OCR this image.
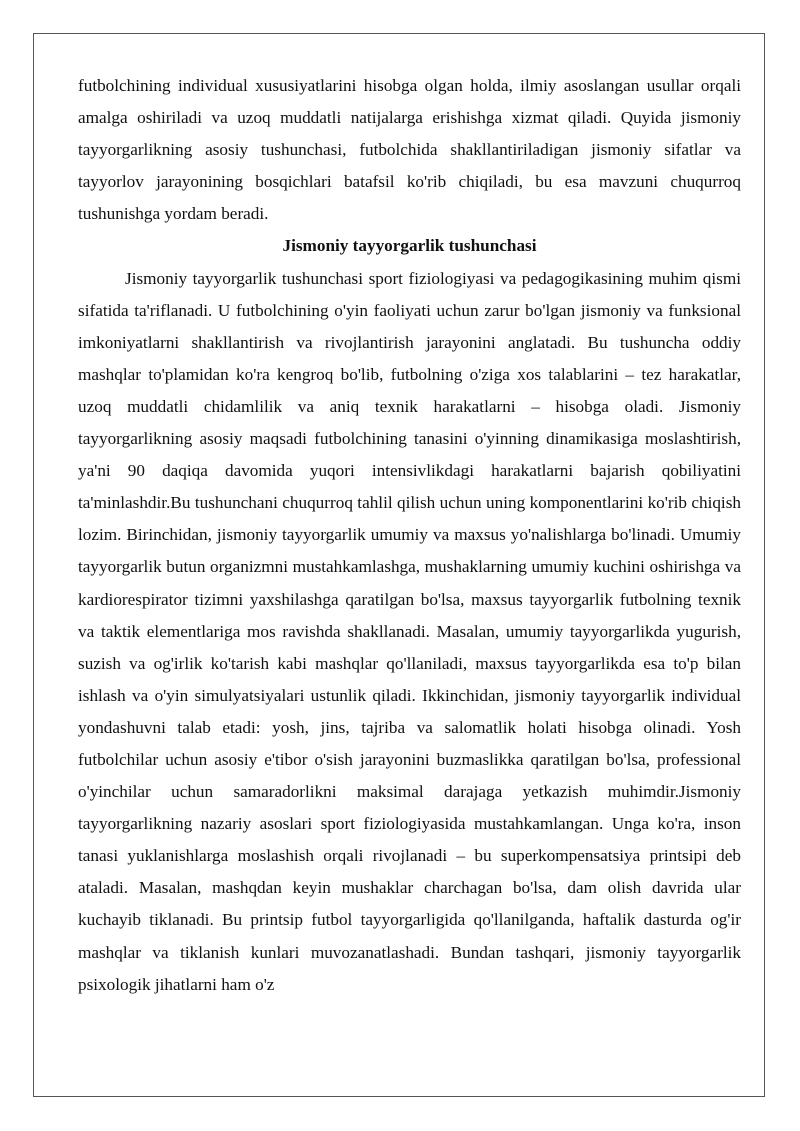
futbolchining individual xususiyatlarini hisobga olgan holda, ilmiy asoslangan usullar orqali amalga oshiriladi va uzoq muddatli natijalarga erishishga xizmat qiladi. Quyida jismoniy tayyorgarlikning asosiy tushunchasi, futbolchida shakllantiriladigan jismoniy sifatlar va tayyorlov jarayonining bosqichlari batafsil ko'rib chiqiladi, bu esa mavzuni chuqurroq tushunishga yordam beradi.

Jismoniy tayyorgarlik tushunchasi

Jismoniy tayyorgarlik tushunchasi sport fiziologiyasi va pedagogikasining muhim qismi sifatida ta'riflanadi. U futbolchining o'yin faoliyati uchun zarur bo'lgan jismoniy va funksional imkoniyatlarni shakllantirish va rivojlantirish jarayonini anglatadi. Bu tushuncha oddiy mashqlar to'plamidan ko'ra kengroq bo'lib, futbolning o'ziga xos talablarini – tez harakatlar, uzoq muddatli chidamlilik va aniq texnik harakatlarni – hisobga oladi. Jismoniy tayyorgarlikning asosiy maqsadi futbolchining tanasini o'yinning dinamikasiga moslashtirish, ya'ni 90 daqiqa davomida yuqori intensivlikdagi harakatlarni bajarish qobiliyatini ta'minlashdir.Bu tushunchani chuqurroq tahlil qilish uchun uning komponentlarini ko'rib chiqish lozim. Birinchidan, jismoniy tayyorgarlik umumiy va maxsus yo'nalishlarga bo'linadi. Umumiy tayyorgarlik butun organizmni mustahkamlashga, mushaklarning umumiy kuchini oshirishga va kardiorespirator tizimni yaxshilashga qaratilgan bo'lsa, maxsus tayyorgarlik futbolning texnik va taktik elementlariga mos ravishda shakllanadi. Masalan, umumiy tayyorgarlikda yugurish, suzish va og'irlik ko'tarish kabi mashqlar qo'llaniladi, maxsus tayyorgarlikda esa to'p bilan ishlash va o'yin simulyatsiyalari ustunlik qiladi. Ikkinchidan, jismoniy tayyorgarlik individual yondashuvni talab etadi: yosh, jins, tajriba va salomatlik holati hisobga olinadi. Yosh futbolchilar uchun asosiy e'tibor o'sish jarayonini buzmaslikka qaratilgan bo'lsa, professional o'yinchilar uchun samaradorlikni maksimal darajaga yetkazish muhimdir.Jismoniy tayyorgarlikning nazariy asoslari sport fiziologiyasida mustahkamlangan. Unga ko'ra, inson tanasi yuklanishlarga moslashish orqali rivojlanadi – bu superkompensatsiya printsipi deb ataladi. Masalan, mashqdan keyin mushaklar charchagan bo'lsa, dam olish davrida ular kuchayib tiklanadi. Bu printsip futbol tayyorgarligida qo'llanilganda, haftalik dasturda og'ir mashqlar va tiklanish kunlari muvozanatlashadi. Bundan tashqari, jismoniy tayyorgarlik psixologik jihatlarni ham o'z
